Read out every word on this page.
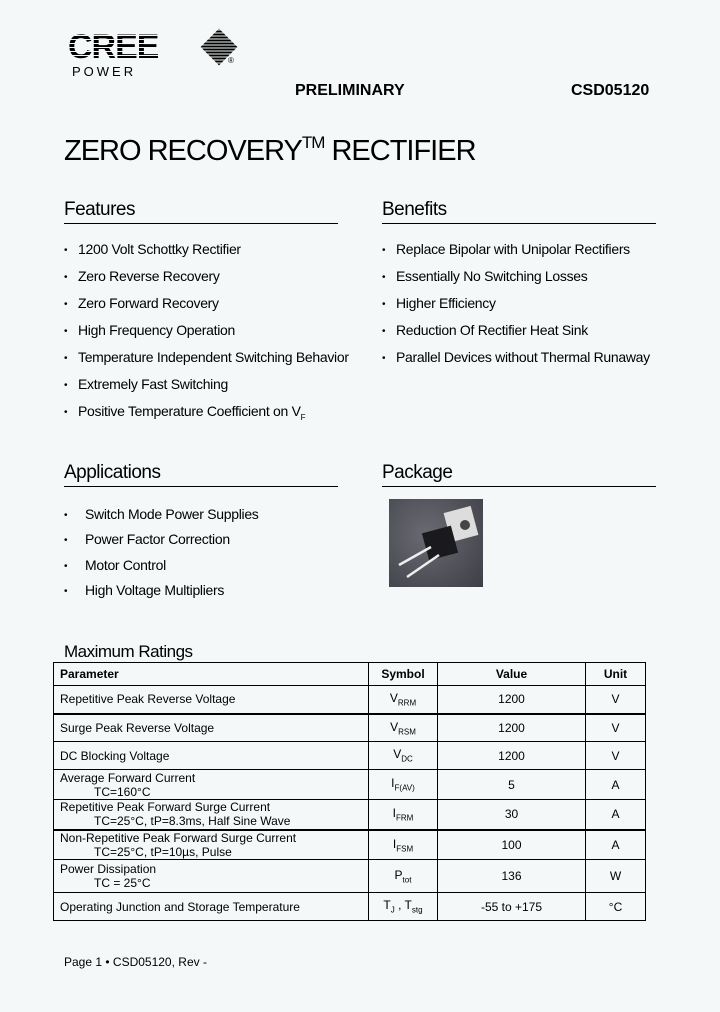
CREE	®
POWER
PRELIMINARY	CSD05120
ZERO RECOVERY™ RECTIFIER
Features
• 1200 Volt Schottky Rectifier
• Zero Reverse Recovery
• Zero Forward Recovery
• High Frequency Operation
• Temperature Independent Switching Behavior
• Extremely Fast Switching
• Positive Temperature Coefficient on $V_F$
Benefits
• Replace Bipolar with Unipolar Rectifiers
• Essentially No Switching Losses
• Higher Efficiency
• Reduction Of Rectifier Heat Sink
• Parallel Devices without Thermal Runaway
Applications
• Switch Mode Power Supplies
• Power Factor Correction
• Motor Control
• High Voltage Multipliers
Package
Maximum Ratings
Parameter	Symbol	Value	Unit
Repetitive Peak Reverse Voltage	$V_{RRM}$	1200	V
Surge Peak Reverse Voltage	$V_{RSM}$	1200	V
DC Blocking Voltage	$V_{DC}$	1200	V
Average Forward Current
TC=160°C	$I_{F(AV)}$	5	A
Repetitive Peak Forward Surge Current
TC=25°C, tP=8.3ms, Half Sine Wave	$I_{FRM}$	30	A
Non-Repetitive Peak Forward Surge Current
TC=25°C, tP=10µs, Pulse	$I_{FSM}$	100	A
Power Dissipation
TC = 25°C	$P_{tot}$	136	W
Operating Junction and Storage Temperature	$T_J$ , $T_{stg}$	-55 to +175	°C
Page 1 • CSD05120, Rev -
